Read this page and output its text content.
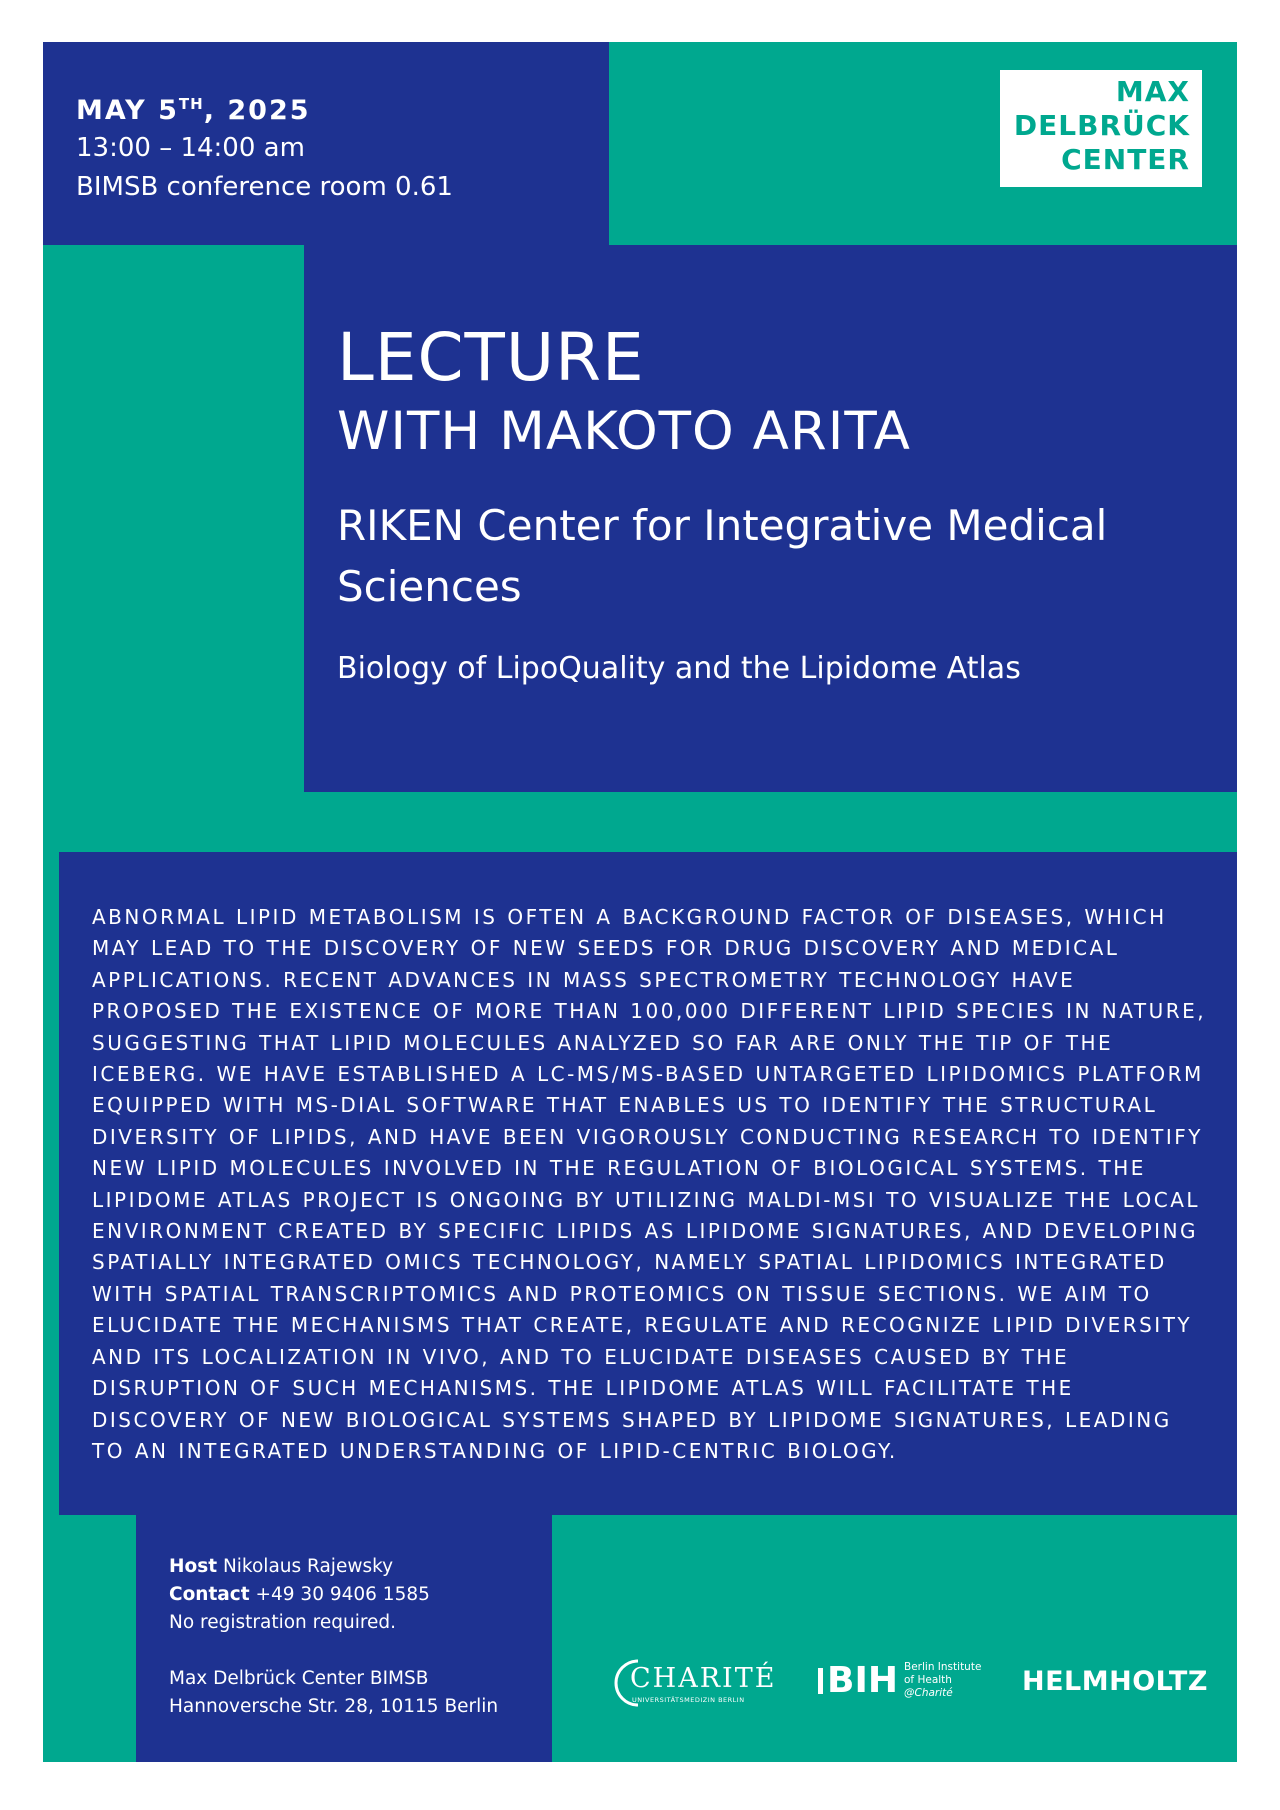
MAY 5TH, 2025
13:00 – 14:00 am
BIMSB conference room 0.61
MAX
DELBRÜCK
CENTER
LECTURE
WITH MAKOTO ARITA
RIKEN Center for Integrative Medical Sciences
Biology of LipoQuality and the Lipidome Atlas
ABNORMAL LIPID METABOLISM IS OFTEN A BACKGROUND FACTOR OF DISEASES, WHICH MAY LEAD TO THE DISCOVERY OF NEW SEEDS FOR DRUG DISCOVERY AND MEDICAL APPLICATIONS. RECENT ADVANCES IN MASS SPECTROMETRY TECHNOLOGY HAVE PROPOSED THE EXISTENCE OF MORE THAN 100,000 DIFFERENT LIPID SPECIES IN NATURE, SUGGESTING THAT LIPID MOLECULES ANALYZED SO FAR ARE ONLY THE TIP OF THE ICEBERG. WE HAVE ESTABLISHED A LC-MS/MS-BASED UNTARGETED LIPIDOMICS PLATFORM EQUIPPED WITH MS-DIAL SOFTWARE THAT ENABLES US TO IDENTIFY THE STRUCTURAL DIVERSITY OF LIPIDS, AND HAVE BEEN VIGOROUSLY CONDUCTING RESEARCH TO IDENTIFY NEW LIPID MOLECULES INVOLVED IN THE REGULATION OF BIOLOGICAL SYSTEMS. THE LIPIDOME ATLAS PROJECT IS ONGOING BY UTILIZING MALDI-MSI TO VISUALIZE THE LOCAL ENVIRONMENT CREATED BY SPECIFIC LIPIDS AS LIPIDOME SIGNATURES, AND DEVELOPING SPATIALLY INTEGRATED OMICS TECHNOLOGY, NAMELY SPATIAL LIPIDOMICS INTEGRATED WITH SPATIAL TRANSCRIPTOMICS AND PROTEOMICS ON TISSUE SECTIONS. WE AIM TO ELUCIDATE THE MECHANISMS THAT CREATE, REGULATE AND RECOGNIZE LIPID DIVERSITY AND ITS LOCALIZATION IN VIVO, AND TO ELUCIDATE DISEASES CAUSED BY THE DISRUPTION OF SUCH MECHANISMS. THE LIPIDOME ATLAS WILL FACILITATE THE DISCOVERY OF NEW BIOLOGICAL SYSTEMS SHAPED BY LIPIDOME SIGNATURES, LEADING TO AN INTEGRATED UNDERSTANDING OF LIPID-CENTRIC BIOLOGY.
Host Nikolaus Rajewsky
Contact +49 30 9406 1585
No registration required.
Max Delbrück Center BIMSB
Hannoversche Str. 28, 10115 Berlin
CHARITÉ
UNIVERSITÄTSMEDIZIN BERLIN BIH Berlin Institute
of Health
@Charité	HELMHOLTZ
